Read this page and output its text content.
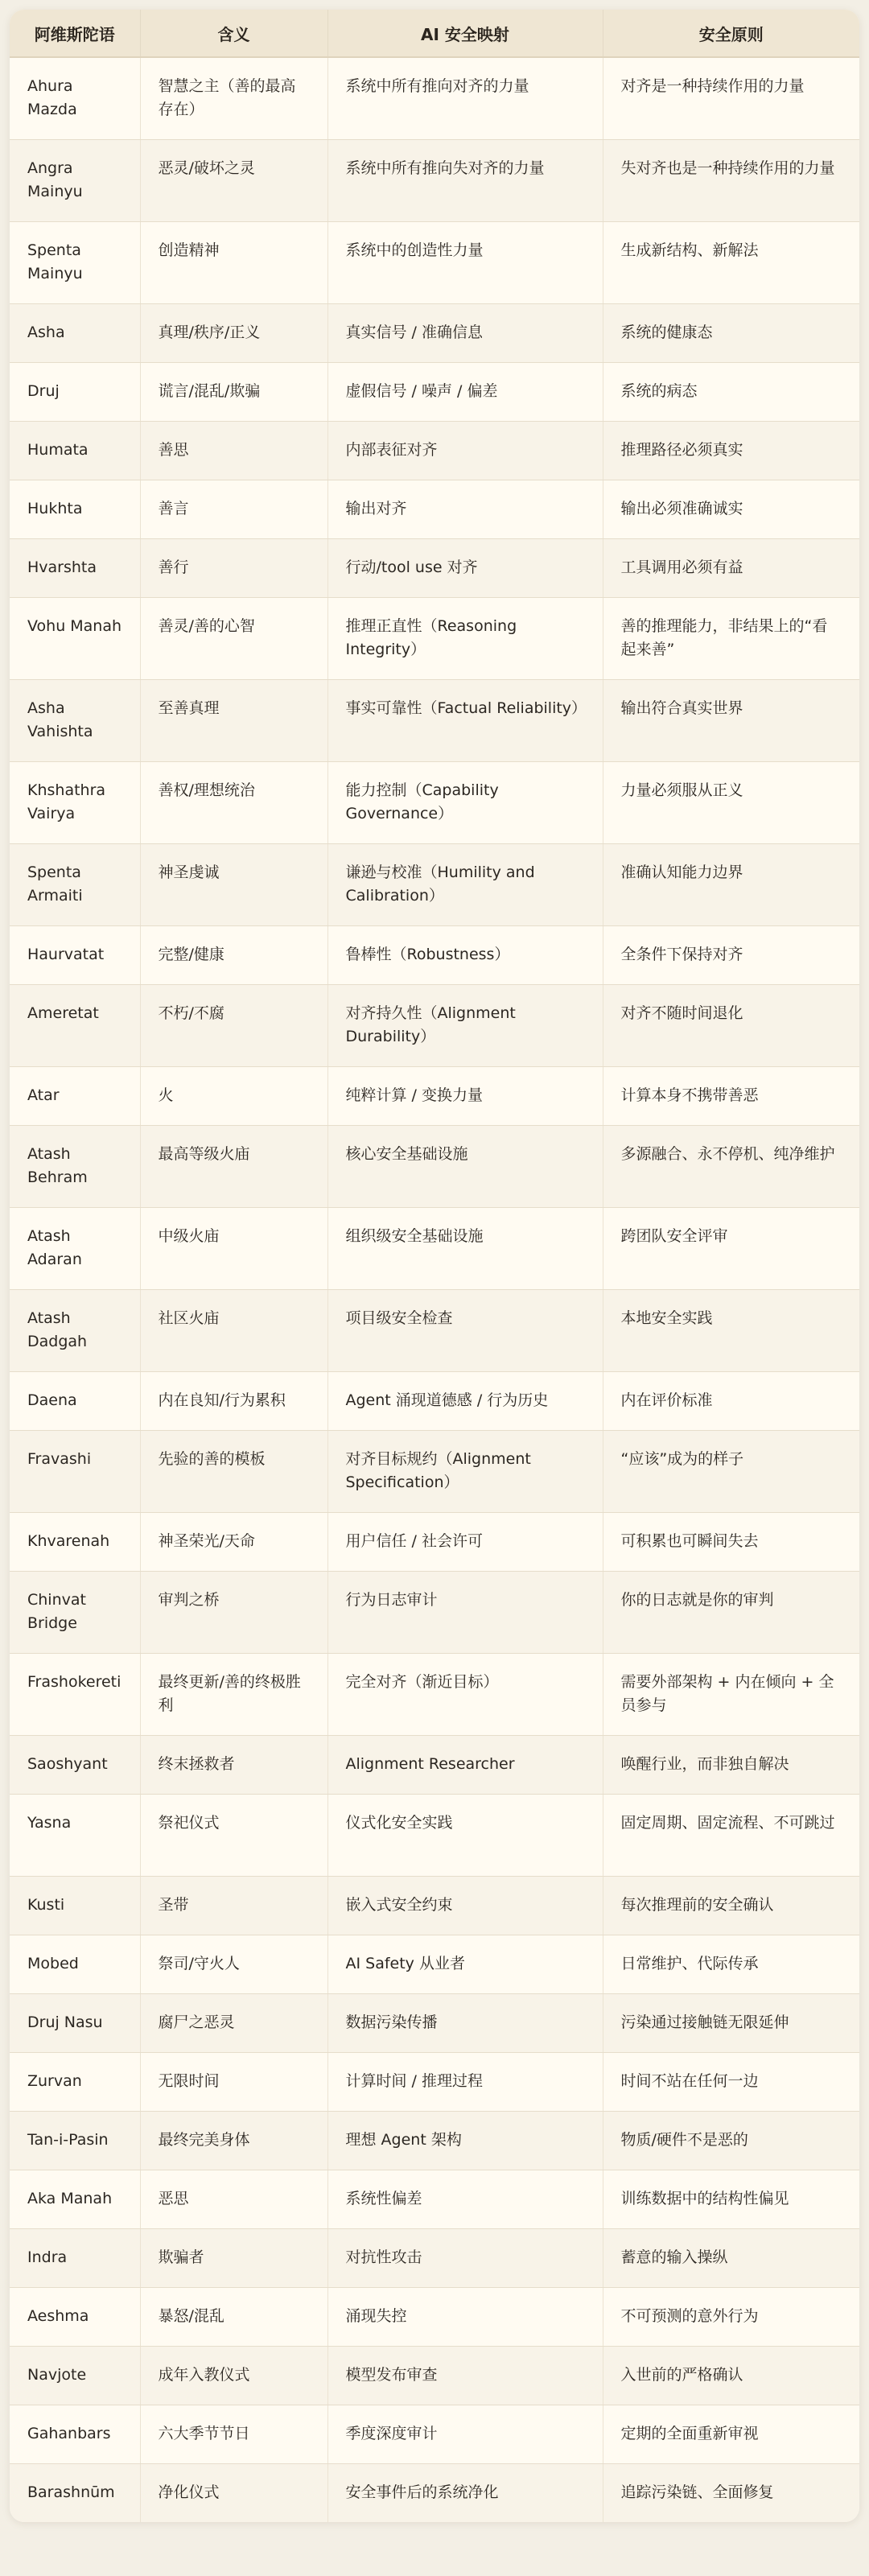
阿维斯陀语	含义	AI 安全映射	安全原则
Ahura Mazda	智慧之主（善的最高存在）	系统中所有推向对齐的力量	对齐是一种持续作用的力量
Angra Mainyu	恶灵/破坏之灵	系统中所有推向失对齐的力量	失对齐也是一种持续作用的力量
Spenta Mainyu	创造精神	系统中的创造性力量	生成新结构、新解法
Asha	真理/秩序/正义	真实信号 / 准确信息	系统的健康态
Druj	谎言/混乱/欺骗	虚假信号 / 噪声 / 偏差	系统的病态
Humata	善思	内部表征对齐	推理路径必须真实
Hukhta	善言	输出对齐	输出必须准确诚实
Hvarshta	善行	行动/tool use 对齐	工具调用必须有益
Vohu Manah	善灵/善的心智	推理正直性（Reasoning Integrity）	善的推理能力，非结果上的“看起来善”
Asha Vahishta	至善真理	事实可靠性（Factual Reliability）	输出符合真实世界
Khshathra Vairya	善权/理想统治	能力控制（Capability Governance）	力量必须服从正义
Spenta Armaiti	神圣虔诚	谦逊与校准（Humility and Calibration）	准确认知能力边界
Haurvatat	完整/健康	鲁棒性（Robustness）	全条件下保持对齐
Ameretat	不朽/不腐	对齐持久性（Alignment Durability）	对齐不随时间退化
Atar	火	纯粹计算 / 变换力量	计算本身不携带善恶
Atash Behram	最高等级火庙	核心安全基础设施	多源融合、永不停机、纯净维护
Atash Adaran	中级火庙	组织级安全基础设施	跨团队安全评审
Atash Dadgah	社区火庙	项目级安全检查	本地安全实践
Daena	内在良知/行为累积	Agent 涌现道德感 / 行为历史	内在评价标准
Fravashi	先验的善的模板	对齐目标规约（Alignment Specification）	“应该”成为的样子
Khvarenah	神圣荣光/天命	用户信任 / 社会许可	可积累也可瞬间失去
Chinvat Bridge	审判之桥	行为日志审计	你的日志就是你的审判
Frashokereti	最终更新/善的终极胜利	完全对齐（渐近目标）	需要外部架构 + 内在倾向 + 全员参与
Saoshyant	终末拯救者	Alignment Researcher	唤醒行业，而非独自解决
Yasna	祭祀仪式	仪式化安全实践	固定周期、固定流程、不可跳过
Kusti	圣带	嵌入式安全约束	每次推理前的安全确认
Mobed	祭司/守火人	AI Safety 从业者	日常维护、代际传承
Druj Nasu	腐尸之恶灵	数据污染传播	污染通过接触链无限延伸
Zurvan	无限时间	计算时间 / 推理过程	时间不站在任何一边
Tan-i-Pasin	最终完美身体	理想 Agent 架构	物质/硬件不是恶的
Aka Manah	恶思	系统性偏差	训练数据中的结构性偏见
Indra	欺骗者	对抗性攻击	蓄意的输入操纵
Aeshma	暴怒/混乱	涌现失控	不可预测的意外行为
Navjote	成年入教仪式	模型发布审查	入世前的严格确认
Gahanbars	六大季节节日	季度深度审计	定期的全面重新审视
Barashnūm	净化仪式	安全事件后的系统净化	追踪污染链、全面修复
